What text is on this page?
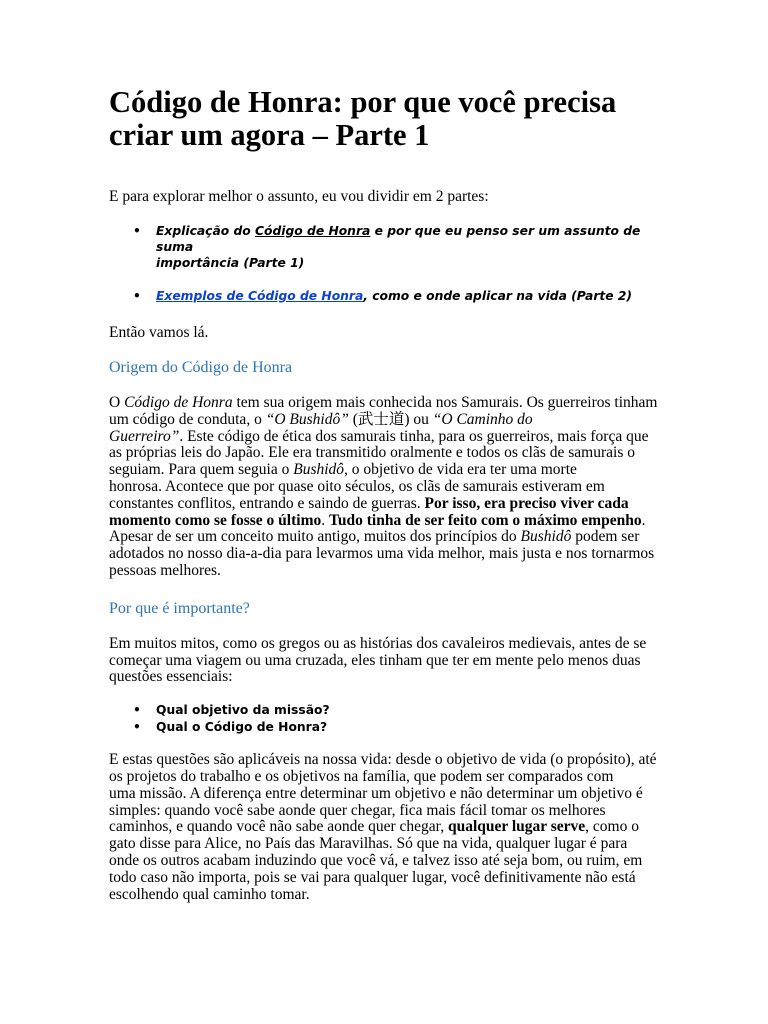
Código de Honra: por que você precisa
criar um agora – Parte 1

E para explorar melhor o assunto, eu vou dividir em 2 partes:

• Explicação do Código de Honra e por que eu penso ser um assunto de suma
importância (Parte 1)
• Exemplos de Código de Honra, como e onde aplicar na vida (Parte 2)

Então vamos lá.

Origem do Código de Honra

O Código de Honra tem sua origem mais conhecida nos Samurais. Os guerreiros tinham
um código de conduta, o “O Bushidô” (武士道) ou “O Caminho do
Guerreiro”. Este código de ética dos samurais tinha, para os guerreiros, mais força que
as próprias leis do Japão. Ele era transmitido oralmente e todos os clãs de samurais o
seguiam. Para quem seguia o Bushidô, o objetivo de vida era ter uma morte
honrosa. Acontece que por quase oito séculos, os clãs de samurais estiveram em
constantes conflitos, entrando e saindo de guerras. Por isso, era preciso viver cada
momento como se fosse o último. Tudo tinha de ser feito com o máximo empenho.
Apesar de ser um conceito muito antigo, muitos dos princípios do Bushidô podem ser
adotados no nosso dia-a-dia para levarmos uma vida melhor, mais justa e nos tornarmos
pessoas melhores.

Por que é importante?

Em muitos mitos, como os gregos ou as histórias dos cavaleiros medievais, antes de se
começar uma viagem ou uma cruzada, eles tinham que ter em mente pelo menos duas
questões essenciais:

• Qual objetivo da missão?
• Qual o Código de Honra?

E estas questões são aplicáveis na nossa vida: desde o objetivo de vida (o propósito), até
os projetos do trabalho e os objetivos na família, que podem ser comparados com
uma missão. A diferença entre determinar um objetivo e não determinar um objetivo é
simples: quando você sabe aonde quer chegar, fica mais fácil tomar os melhores
caminhos, e quando você não sabe aonde quer chegar, qualquer lugar serve, como o
gato disse para Alice, no País das Maravilhas. Só que na vida, qualquer lugar é para
onde os outros acabam induzindo que você vá, e talvez isso até seja bom, ou ruim, em
todo caso não importa, pois se vai para qualquer lugar, você definitivamente não está
escolhendo qual caminho tomar.
